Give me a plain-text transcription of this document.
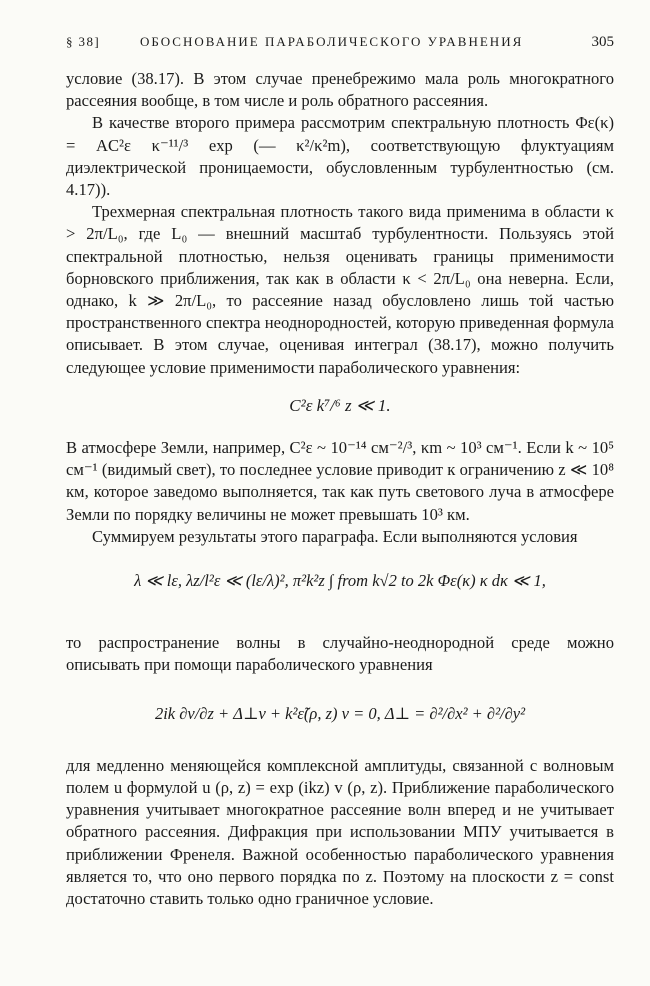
§ 38]	ОБОСНОВАНИЕ ПАРАБОЛИЧЕСКОГО УРАВНЕНИЯ	305

условие (38.17). В этом случае пренебрежимо мала роль многократного рассеяния вообще, в том числе и роль обратного рассеяния.

В качестве второго примера рассмотрим спектральную плотность Φε(κ) = AC²ε κ⁻¹¹/³ exp (— κ²/κ²m), соответствующую флуктуациям диэлектрической проницаемости, обусловленным турбулентностью (см. 4.17)).

Трехмерная спектральная плотность такого вида применима в области κ > 2π/L₀, где L₀ — внешний масштаб турбулентности. Пользуясь этой спектральной плотностью, нельзя оценивать границы применимости борновского приближения, так как в области κ < 2π/L₀ она неверна. Если, однако, k ≫ 2π/L₀, то рассеяние назад обусловлено лишь той частью пространственного спектра неоднородностей, которую приведенная формула описывает. В этом случае, оценивая интеграл (38.17), можно получить следующее условие применимости параболического уравнения:

C²ε k⁷/⁶ z ≪ 1.

В атмосфере Земли, например, C²ε ~ 10⁻¹⁴ см⁻²/³, κm ~ 10³ см⁻¹. Если k ~ 10⁵ см⁻¹ (видимый свет), то последнее условие приводит к ограничению z ≪ 10⁸ км, которое заведомо выполняется, так как путь светового луча в атмосфере Земли по порядку величины не может превышать 10³ км.

Суммируем результаты этого параграфа. Если выполняются условия

λ ≪ lε, λz/l²ε ≪ (lε/λ)², π²k²z ∫ from k√2 to 2k Φε(κ) κ dκ ≪ 1,

то распространение волны в случайно-неоднородной среде можно описывать при помощи параболического уравнения

2ik ∂v/∂z + Δ⊥v + k²ε̃(ρ, z) v = 0, Δ⊥ = ∂²/∂x² + ∂²/∂y²

для медленно меняющейся комплексной амплитуды, связанной с волновым полем u формулой u (ρ, z) = exp (ikz) v (ρ, z). Приближение параболического уравнения учитывает многократное рассеяние волн вперед и не учитывает обратного рассеяния. Дифракция при использовании МПУ учитывается в приближении Френеля. Важной особенностью параболического уравнения является то, что оно первого порядка по z. Поэтому на плоскости z = const достаточно ставить только одно граничное условие.
